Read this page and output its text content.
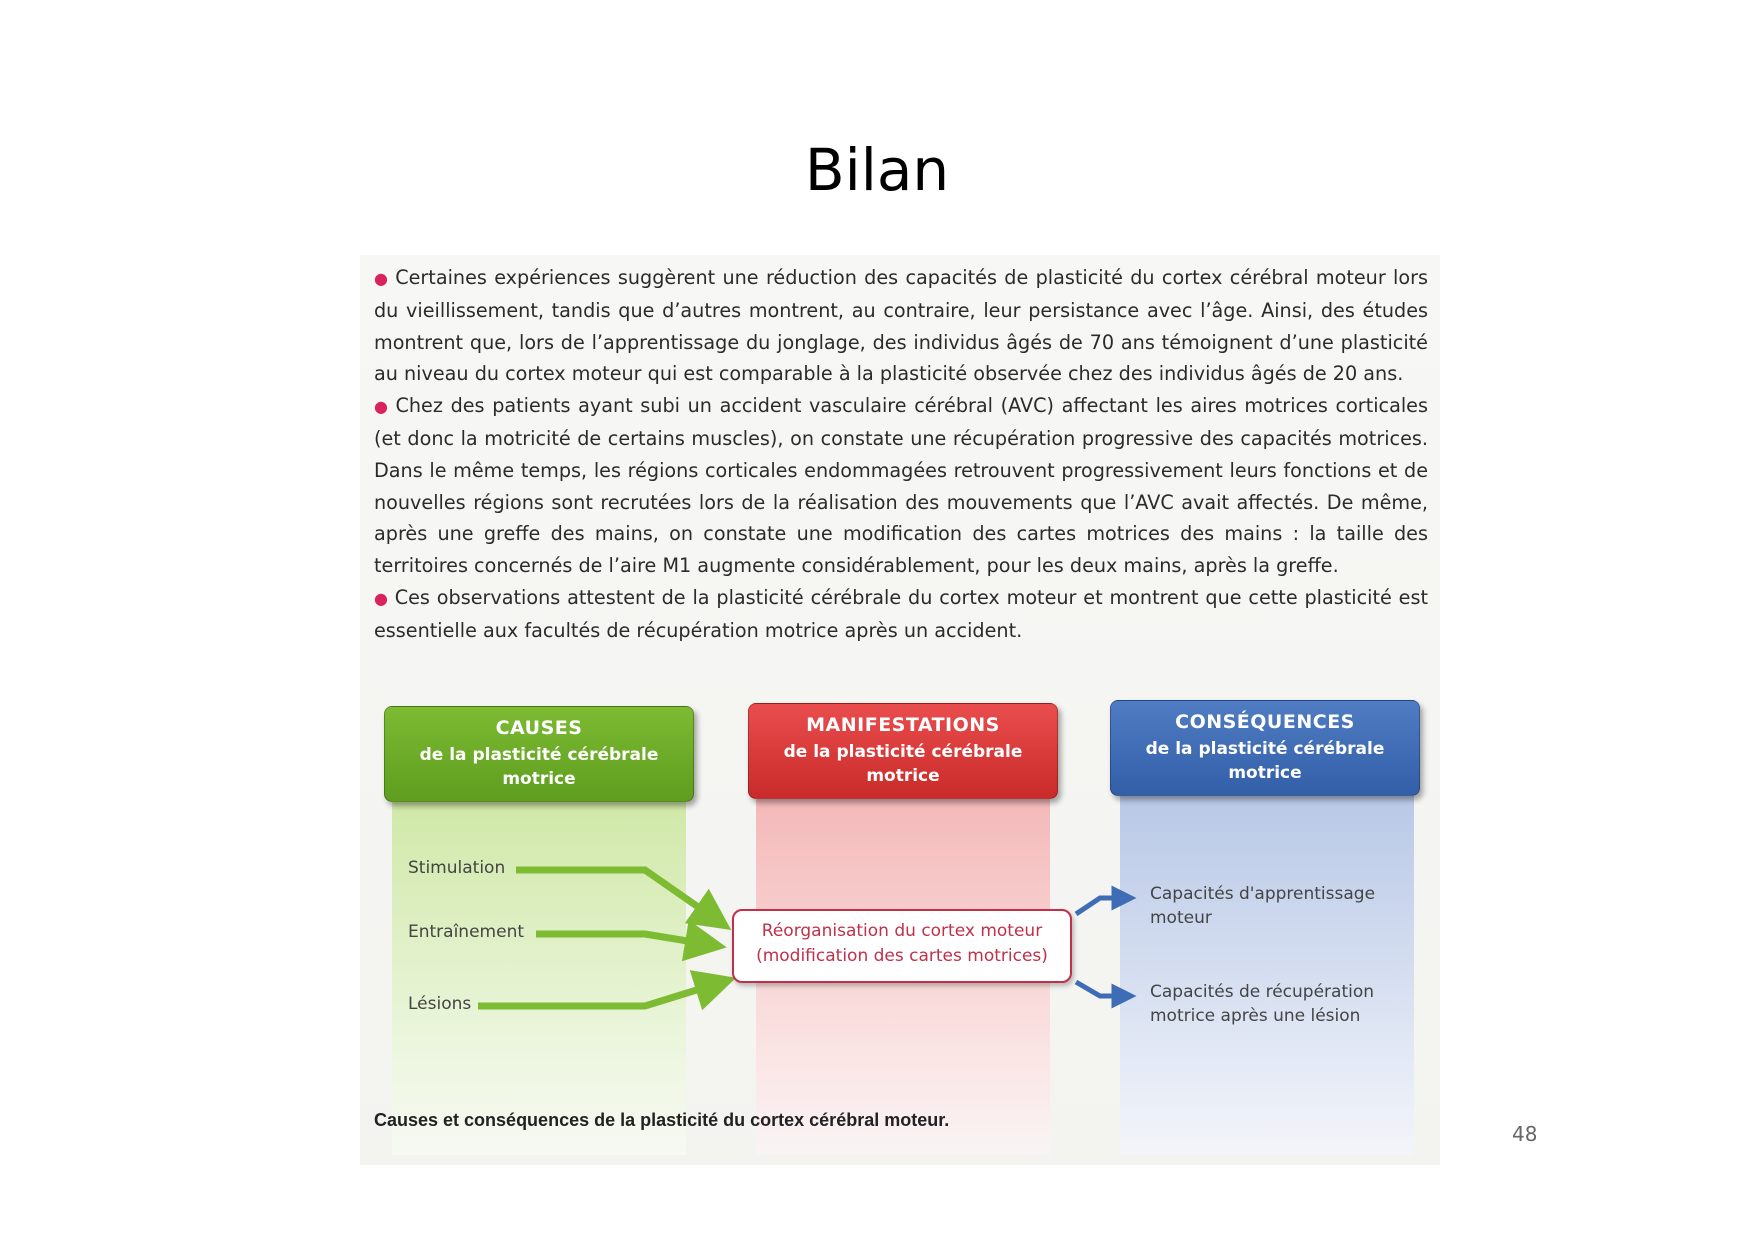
Bilan

● Certaines expériences suggèrent une réduction des capacités de plasticité du cortex cérébral moteur lors du vieillissement, tandis que d’autres montrent, au contraire, leur persistance avec l’âge. Ainsi, des études montrent que, lors de l’apprentissage du jonglage, des individus âgés de 70 ans témoignent d’une plasticité au niveau du cortex moteur qui est comparable à la plasticité observée chez des individus âgés de 20 ans.

● Chez des patients ayant subi un accident vasculaire cérébral (AVC) affectant les aires motrices corticales (et donc la motricité de certains muscles), on constate une récupération progressive des capacités motrices. Dans le même temps, les régions corticales endommagées retrouvent progressivement leurs fonctions et de nouvelles régions sont recrutées lors de la réalisation des mouvements que l’AVC avait affectés. De même, après une greffe des mains, on constate une modification des cartes motrices des mains : la taille des territoires concernés de l’aire M1 augmente considérablement, pour les deux mains, après la greffe.

● Ces observations attestent de la plasticité cérébrale du cortex moteur et montrent que cette plasticité est essentielle aux facultés de récupération motrice après un accident.

CAUSES
de la plasticité cérébrale
motrice
MANIFESTATIONS
de la plasticité cérébrale
motrice
CONSÉQUENCES
de la plasticité cérébrale
motrice
Stimulation
Entraînement
Lésions
Réorganisation du cortex moteur
(modification des cartes motrices)
Capacités d'apprentissage
moteur
Capacités de récupération
motrice après une lésion
Causes et conséquences de la plasticité du cortex cérébral moteur.
48
